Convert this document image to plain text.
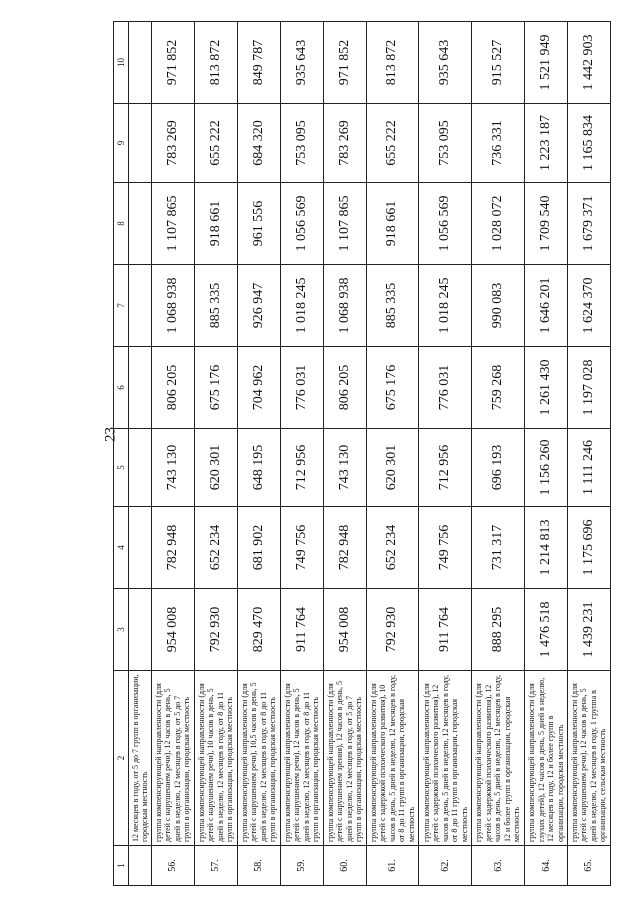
23
1	2	3	4	5	6	7	8	9	10
	12 месяцев в году, от 5 до 7 групп в организации, городская местность								
56.	группа компенсирующей направленности (для детей с нарушением речи), 12 часов в день, 5 дней в неделю, 12 месяцев в году, от 5 до 7 групп в организации, городская местность	954 008	782 948	743 130	806 205	1 068 938	1 107 865	783 269	971 852
57.	группа компенсирующей направленности (для детей с нарушением речи), 10 часов в день, 5 дней в неделю, 12 месяцев в году, от 8 до 11 групп в организации, городская местность	792 930	652 234	620 301	675 176	885 335	918 661	655 222	813 872
58.	группа компенсирующей направленности (для детей с нарушением речи), 10,5 часов в день, 5 дней в неделю, 12 месяцев в году, от 8 до 11 групп в организации, городская местность	829 470	681 902	648 195	704 962	926 947	961 556	684 320	849 787
59.	группа компенсирующей направленности (для детей с нарушением речи), 12 часов в день, 5 дней в неделю, 12 месяцев в году, от 8 до 11 групп в организации, городская местность	911 764	749 756	712 956	776 031	1 018 245	1 056 569	753 095	935 643
60.	группа компенсирующей направленности (для детей с нарушением зрения), 12 часов в день, 5 дней в неделю, 12 месяцев в году, от 5 до 7 групп в организации, городская местность	954 008	782 948	743 130	806 205	1 068 938	1 107 865	783 269	971 852
61.	группа компенсирующей направленности (для детей с задержкой психического развития), 10 часов в день, 5 дней в неделю, 12 месяцев в году, от 8 до 11 групп в организации, городская местность	792 930	652 234	620 301	675 176	885 335	918 661	655 222	813 872
62.	группа компенсирующей направленности (для детей с задержкой психического развития), 12 часов в день, 5 дней в неделю, 12 месяцев в году, от 8 до 11 групп в организации, городская местность	911 764	749 756	712 956	776 031	1 018 245	1 056 569	753 095	935 643
63.	группа компенсирующей направленности (для детей с задержкой психического развития), 12 часов в день, 5 дней в неделю, 12 месяцев в году, 12 и более групп в организации, городская местность	888 295	731 317	696 193	759 268	990 083	1 028 072	736 331	915 527
64.	группа компенсирующей направленности (для глухих детей), 12 часов в день, 5 дней в неделю, 12 месяцев в году, 12 и более групп в организации, городская местность	1 476 518	1 214 813	1 156 260	1 261 430	1 646 201	1 709 540	1 223 187	1 521 949
65.	группа компенсирующей направленности (для детей с нарушением речи), 12 часов в день, 5 дней в неделю, 12 месяцев в году, 1 группа в организации, сельская местность	1 439 231	1 175 696	1 111 246	1 197 028	1 624 370	1 679 371	1 165 834	1 442 903
